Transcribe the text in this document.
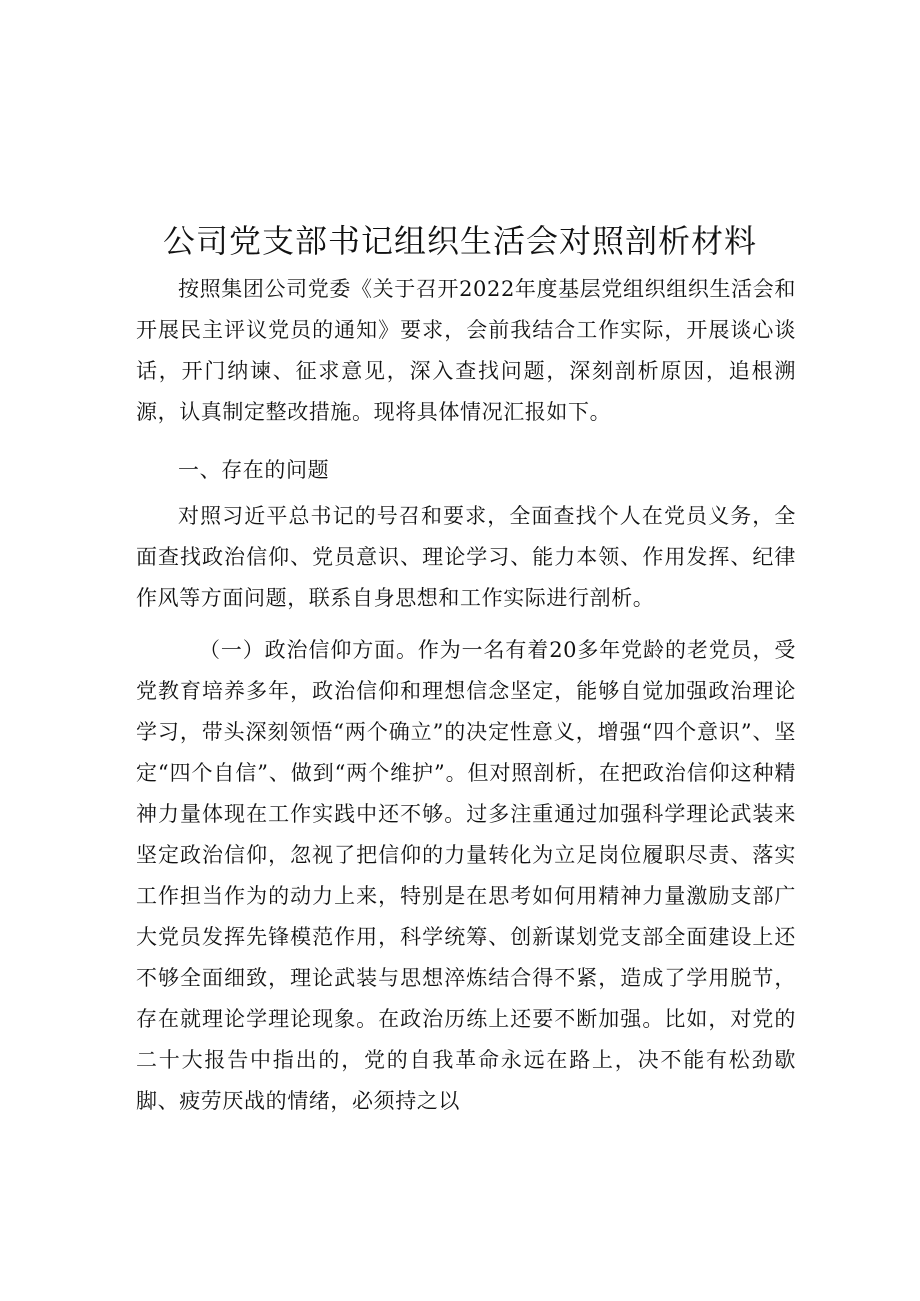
公司党支部书记组织生活会对照剖析材料

按照集团公司党委《关于召开2022年度基层党组织组织生活会和开展民主评议党员的通知》要求，会前我结合工作实际，开展谈心谈话，开门纳谏、征求意见，深入查找问题，深刻剖析原因，追根溯源，认真制定整改措施。现将具体情况汇报如下。

一、存在的问题

对照习近平总书记的号召和要求，全面查找个人在党员义务，全面查找政治信仰、党员意识、理论学习、能力本领、作用发挥、纪律作风等方面问题，联系自身思想和工作实际进行剖析。

（一）政治信仰方面。作为一名有着20多年党龄的老党员，受党教育培养多年，政治信仰和理想信念坚定，能够自觉加强政治理论学习，带头深刻领悟“两个确立”的决定性意义，增强“四个意识”、坚定“四个自信”、做到“两个维护”。但对照剖析，在把政治信仰这种精神力量体现在工作实践中还不够。过多注重通过加强科学理论武装来坚定政治信仰，忽视了把信仰的力量转化为立足岗位履职尽责、落实工作担当作为的动力上来，特别是在思考如何用精神力量激励支部广大党员发挥先锋模范作用，科学统筹、创新谋划党支部全面建设上还不够全面细致，理论武装与思想淬炼结合得不紧，造成了学用脱节，存在就理论学理论现象。在政治历练上还要不断加强。比如，对党的二十大报告中指出的，党的自我革命永远在路上，决不能有松劲歇脚、疲劳厌战的情绪，必须持之以
